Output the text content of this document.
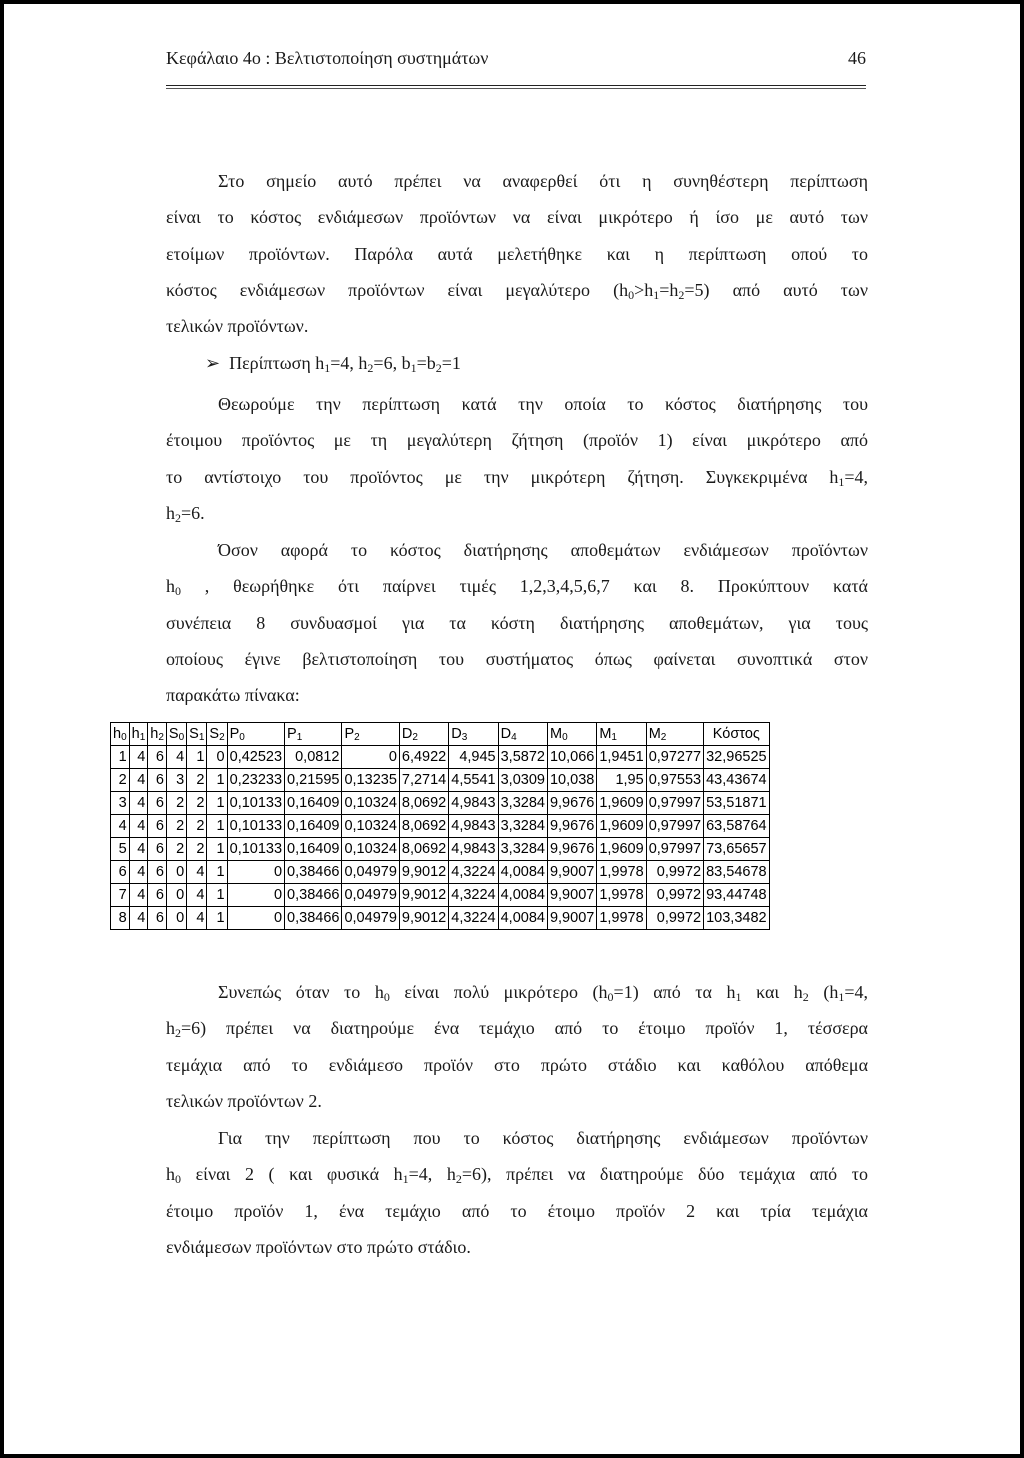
Κεφάλαιο 4ο : Βελτιστοποίηση συστημάτων	46
Στο σημείο αυτό πρέπει να αναφερθεί ότι η συνηθέστερη περίπτωση
είναι το κόστος ενδιάμεσων προϊόντων να είναι μικρότερο ή ίσο με αυτό των
ετοίμων προϊόντων. Παρόλα αυτά μελετήθηκε και η περίπτωση οπού το
κόστος ενδιάμεσων προϊόντων είναι μεγαλύτερο $(h_0>h_1=h_2=5)$ από αυτό των
τελικών προϊόντων.
➢ Περίπτωση $h_1=4$, $h_2=6$, $b_1=b_2=1$
Θεωρούμε την περίπτωση κατά την οποία το κόστος διατήρησης του
έτοιμου προϊόντος με τη μεγαλύτερη ζήτηση (προϊόν 1) είναι μικρότερο από
το αντίστοιχο του προϊόντος με την μικρότερη ζήτηση. Συγκεκριμένα $h_1=4$,
$h_2=6$.
Όσον αφορά το κόστος διατήρησης αποθεμάτων ενδιάμεσων προϊόντων
$h_0$ , θεωρήθηκε ότι παίρνει τιμές 1,2,3,4,5,6,7 και 8. Προκύπτουν κατά
συνέπεια 8 συνδυασμοί για τα κόστη διατήρησης αποθεμάτων, για τους
οποίους έγινε βελτιστοποίηση του συστήματος όπως φαίνεται συνοπτικά στον
παρακάτω πίνακα:
$h_0$	$h_1$	$h_2$	$S_0$	$S_1$	$S_2$	$P_0$	$P_1$	$P_2$	$D_2$	$D_3$	$D_4$	$M_0$	$M_1$	$M_2$	Κόστος
1	4	6	4	1	0	0,42523	0,0812	0	6,4922	4,945	3,5872	10,066	1,9451	0,97277	32,96525
2	4	6	3	2	1	0,23233	0,21595	0,13235	7,2714	4,5541	3,0309	10,038	1,95	0,97553	43,43674
3	4	6	2	2	1	0,10133	0,16409	0,10324	8,0692	4,9843	3,3284	9,9676	1,9609	0,97997	53,51871
4	4	6	2	2	1	0,10133	0,16409	0,10324	8,0692	4,9843	3,3284	9,9676	1,9609	0,97997	63,58764
5	4	6	2	2	1	0,10133	0,16409	0,10324	8,0692	4,9843	3,3284	9,9676	1,9609	0,97997	73,65657
6	4	6	0	4	1	0	0,38466	0,04979	9,9012	4,3224	4,0084	9,9007	1,9978	0,9972	83,54678
7	4	6	0	4	1	0	0,38466	0,04979	9,9012	4,3224	4,0084	9,9007	1,9978	0,9972	93,44748
8	4	6	0	4	1	0	0,38466	0,04979	9,9012	4,3224	4,0084	9,9007	1,9978	0,9972	103,3482
Συνεπώς όταν το $h_0$ είναι πολύ μικρότερο $(h_0=1)$ από τα $h_1$ και $h_2$ ($h_1=4$,
$h_2=6$) πρέπει να διατηρούμε ένα τεμάχιο από το έτοιμο προϊόν 1, τέσσερα
τεμάχια από το ενδιάμεσο προϊόν στο πρώτο στάδιο και καθόλου απόθεμα
τελικών προϊόντων 2.
Για την περίπτωση που το κόστος διατήρησης ενδιάμεσων προϊόντων
$h_0$ είναι 2 ( και φυσικά $h_1=4$, $h_2=6$), πρέπει να διατηρούμε δύο τεμάχια από το
έτοιμο προϊόν 1, ένα τεμάχιο από το έτοιμο προϊόν 2 και τρία τεμάχια
ενδιάμεσων προϊόντων στο πρώτο στάδιο.
